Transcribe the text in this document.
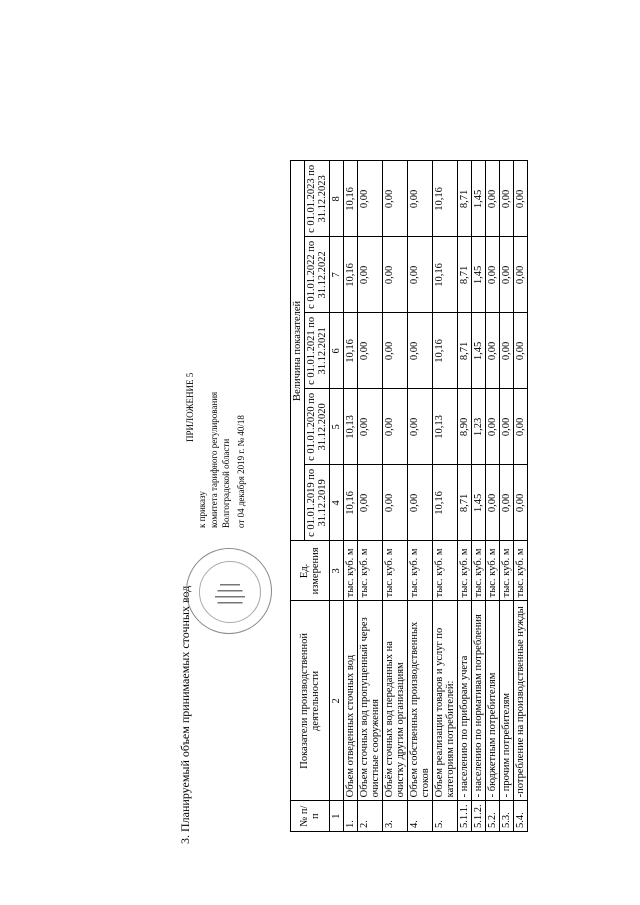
3. Планируемый объем принимаемых сточных вод	▬▬▬▬▬
▬▬▬▬▬▬
▬▬▬▬▬
▬▬▬▬
ПРИЛОЖЕНИЕ 5
к приказу комитета тарифного регулирования Волгоградской области от 04 декабря 2019 г. № 40/18
№ п/п	Показатели производственной деятельности	Ед. измерения	Величина показателей				
			с 01.01.2019 по 31.12.2019	с 01.01.2020 по 31.12.2020	с 01.01.2021 по 31.12.2021	с 01.01.2022 по 31.12.2022	с 01.01.2023 по 31.12.2023
1	2	3	4	5	6	7	8
1.	Объем отведенных сточных вод	тыс. куб. м	10,16	10,13	10,16	10,16	10,16
2.	Объем сточных вод пропущенный через очистные сооружения	тыс. куб. м	0,00	0,00	0,00	0,00	0,00
3.	Объём сточных вод переданных на очистку другим организациям	тыс. куб. м	0,00	0,00	0,00	0,00	0,00
4.	Объем собственных производственных стоков	тыс. куб. м	0,00	0,00	0,00	0,00	0,00
5.	Объем реализации товаров и услуг по категориям потребителей:	тыс. куб. м	10,16	10,13	10,16	10,16	10,16
5.1.1.	- населению по приборам учета	тыс. куб. м	8,71	8,90	8,71	8,71	8,71
5.1.2.	- населению по нормативам потребления	тыс. куб. м	1,45	1,23	1,45	1,45	1,45
5.2.	- бюджетным потребителям	тыс. куб. м	0,00	0,00	0,00	0,00	0,00
5.3.	- прочим потребителям	тыс. куб. м	0,00	0,00	0,00	0,00	0,00
5.4.	-потребление на производственные нужды	тыс. куб. м	0,00	0,00	0,00	0,00	0,00
